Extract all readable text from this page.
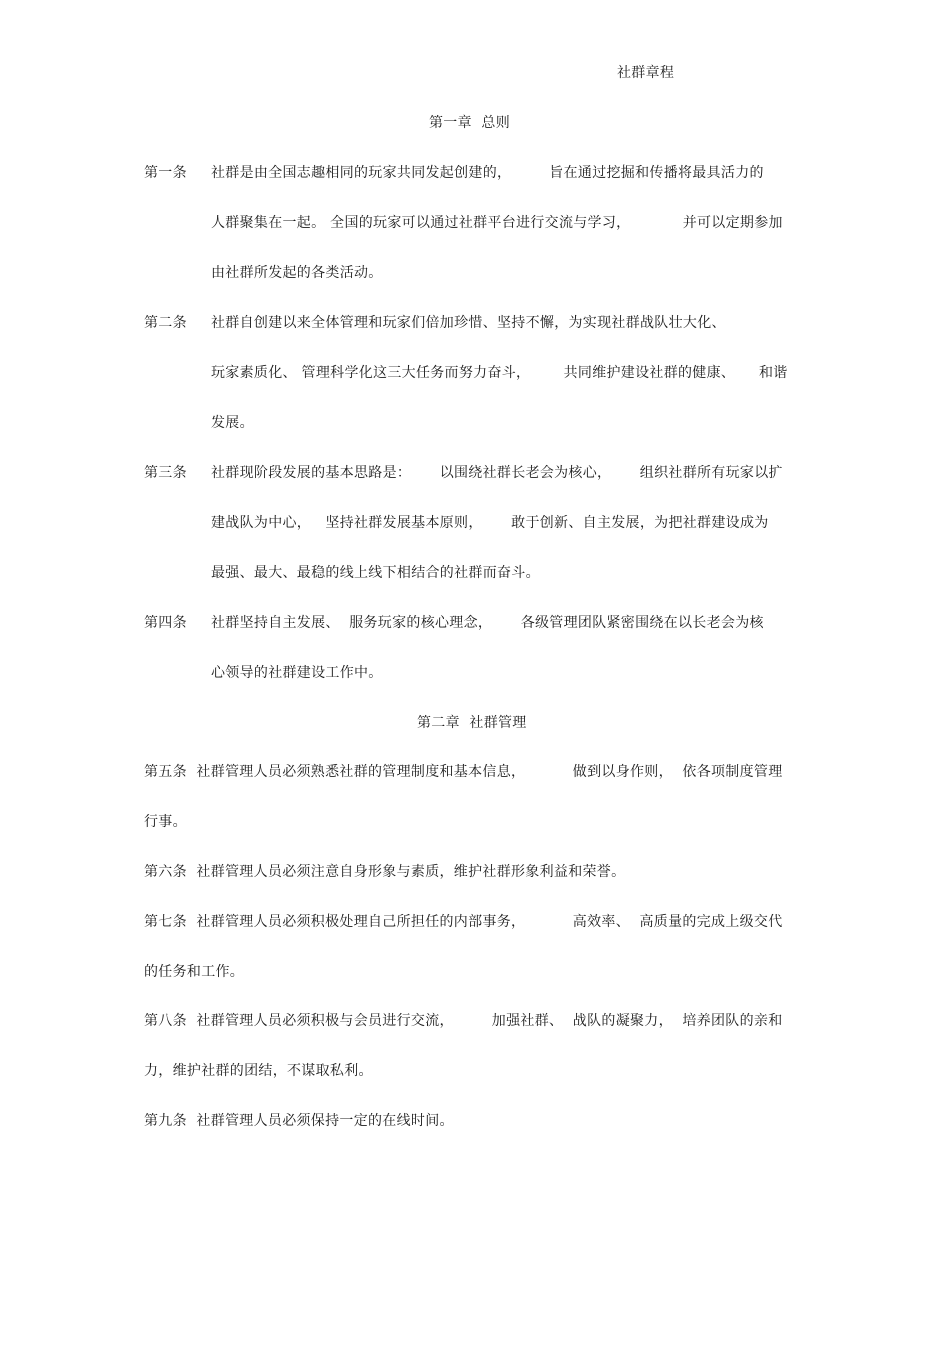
社群章程
第一章  总则
第一条 社群是由全国志趣相同的玩家共同发起创建的，        旨在通过挖掘和传播将最具活力的
人群聚集在一起。 全国的玩家可以通过社群平台进行交流与学习，           并可以定期参加
由社群所发起的各类活动。
第二条 社群自创建以来全体管理和玩家们倍加珍惜、坚持不懈，为实现社群战队壮大化、
玩家素质化、 管理科学化这三大任务而努力奋斗，       共同维护建设社群的健康、     和谐
发展。
第三条 社群现阶段发展的基本思路是：      以围绕社群长老会为核心，      组织社群所有玩家以扩
建战队为中心，   坚持社群发展基本原则，      敢于创新、自主发展，为把社群建设成为
最强、最大、最稳的线上线下相结合的社群而奋斗。
第四条 社群坚持自主发展、  服务玩家的核心理念，      各级管理团队紧密围绕在以长老会为核
心领导的社群建设工作中。
第二章  社群管理
第五条  社群管理人员必须熟悉社群的管理制度和基本信息，          做到以身作则，  依各项制度管理
行事。
第六条  社群管理人员必须注意自身形象与素质，维护社群形象利益和荣誉。
第七条  社群管理人员必须积极处理自己所担任的内部事务，          高效率、  高质量的完成上级交代
的任务和工作。
第八条  社群管理人员必须积极与会员进行交流，        加强社群、  战队的凝聚力，  培养团队的亲和
力，维护社群的团结，不谋取私利。
第九条  社群管理人员必须保持一定的在线时间。
